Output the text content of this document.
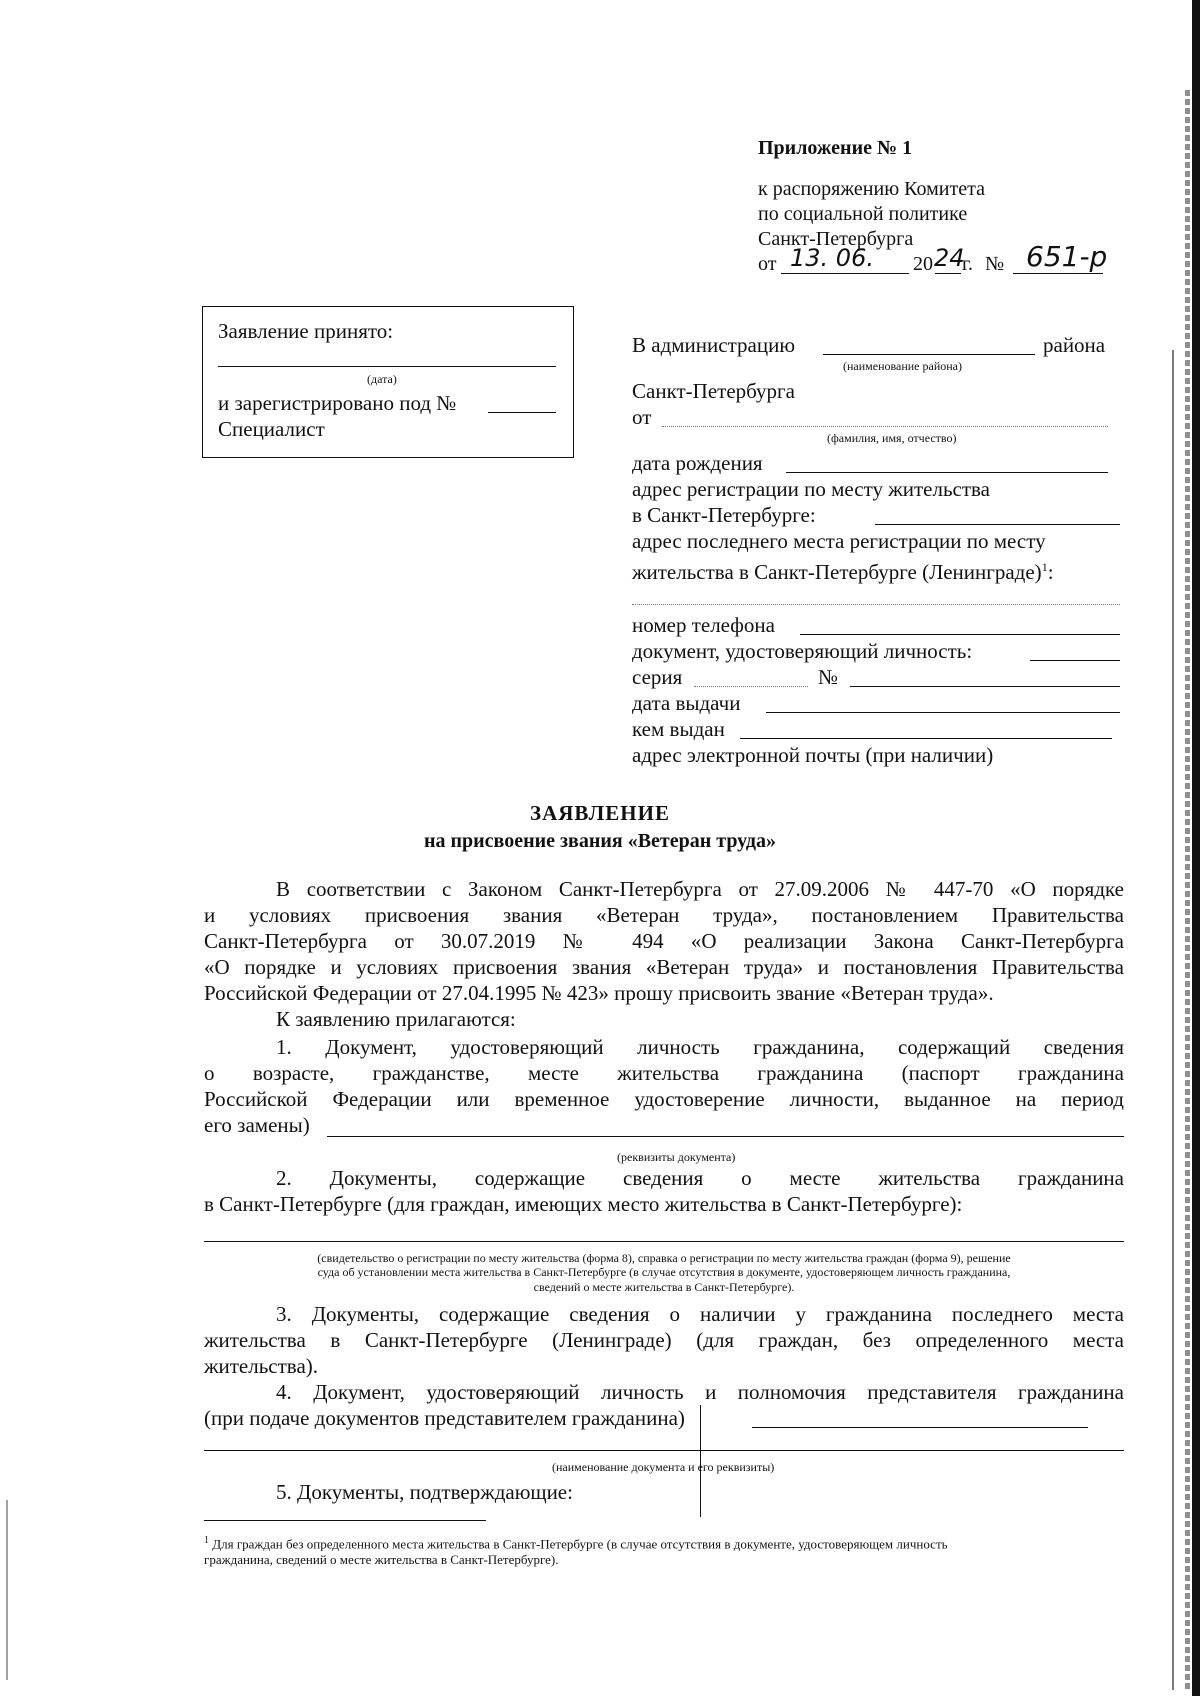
Приложение № 1
к распоряжению Комитета
по социальной политике
Санкт-Петербурга
от 13. 06. 20 24
г. № 651-р
Заявление принято:
(дата)
и зарегистрировано под №
Специалист
В администрацию	района
(наименование района)
Санкт-Петербурга
от
(фамилия, имя, отчество)
дата рождения
адрес регистрации по месту жительства
в Санкт-Петербурге:
адрес последнего места регистрации по месту
жительства в Санкт-Петербурге (Ленинграде)$^1$:
номер телефона
документ, удостоверяющий личность:
серия	№
дата выдачи
кем выдан
адрес электронной почты (при наличии)
ЗАЯВЛЕНИЕ
на присвоение звания «Ветеран труда»
В соответствии с Законом Санкт-Петербурга от 27.09.2006 № 447-70 «О порядке
и условиях присвоения звания «Ветеран труда», постановлением Правительства
Санкт-Петербурга от 30.07.2019 № 494 «О реализации Закона Санкт-Петербурга
«О порядке и условиях присвоения звания «Ветеран труда» и постановления Правительства
Российской Федерации от 27.04.1995 № 423» прошу присвоить звание «Ветеран труда».
К заявлению прилагаются:
1. Документ, удостоверяющий личность гражданина, содержащий сведения
о возрасте, гражданстве, месте жительства гражданина (паспорт гражданина
Российской Федерации или временное удостоверение личности, выданное на период
его замены)
(реквизиты документа)
2. Документы, содержащие сведения о месте жительства гражданина
в Санкт-Петербурге (для граждан, имеющих место жительства в Санкт-Петербурге):
(свидетельство о регистрации по месту жительства (форма 8), справка о регистрации по месту жительства граждан (форма 9), решение
суда об установлении места жительства в Санкт-Петербурге (в случае отсутствия в документе, удостоверяющем личность гражданина,
сведений о месте жительства в Санкт-Петербурге).
3. Документы, содержащие сведения о наличии у гражданина последнего места
жительства в Санкт-Петербурге (Ленинграде) (для граждан, без определенного места
жительства).
4. Документ, удостоверяющий личность и полномочия представителя гражданина
(при подаче документов представителем гражданина)
(наименование документа и его реквизиты)
5. Документы, подтверждающие:
$^1$ Для граждан без определенного места жительства в Санкт-Петербурге (в случае отсутствия в документе, удостоверяющем личность
гражданина, сведений о месте жительства в Санкт-Петербурге).
